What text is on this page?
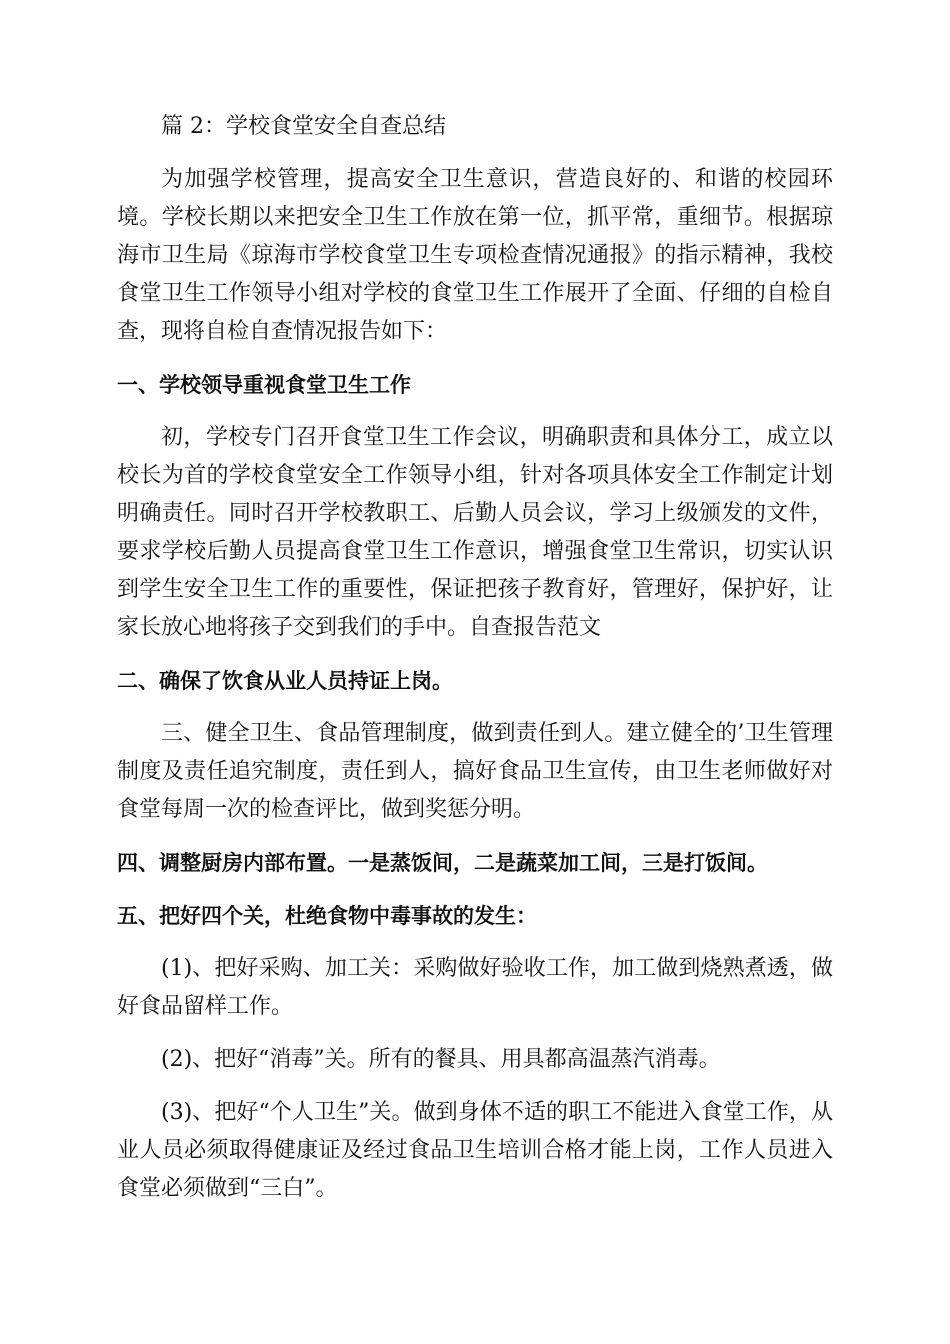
篇 2：学校食堂安全自查总结

为加强学校管理，提高安全卫生意识，营造良好的、和谐的校园环境。学校长期以来把安全卫生工作放在第一位，抓平常，重细节。根据琼海市卫生局《琼海市学校食堂卫生专项检查情况通报》的指示精神，我校食堂卫生工作领导小组对学校的食堂卫生工作展开了全面、仔细的自检自查，现将自检自查情况报告如下：

一、学校领导重视食堂卫生工作

初，学校专门召开食堂卫生工作会议，明确职责和具体分工，成立以校长为首的学校食堂安全工作领导小组，针对各项具体安全工作制定计划明确责任。同时召开学校教职工、后勤人员会议，学习上级颁发的文件，要求学校后勤人员提高食堂卫生工作意识，增强食堂卫生常识，切实认识到学生安全卫生工作的重要性，保证把孩子教育好，管理好，保护好，让家长放心地将孩子交到我们的手中。自查报告范文

二、确保了饮食从业人员持证上岗。

三、健全卫生、食品管理制度，做到责任到人。建立健全的’卫生管理制度及责任追究制度，责任到人，搞好食品卫生宣传，由卫生老师做好对食堂每周一次的检查评比，做到奖惩分明。

四、调整厨房内部布置。一是蒸饭间，二是蔬菜加工间，三是打饭间。

五、把好四个关，杜绝食物中毒事故的发生：

(1)、把好采购、加工关：采购做好验收工作，加工做到烧熟煮透，做好食品留样工作。

(2)、把好“消毒”关。所有的餐具、用具都高温蒸汽消毒。

(3)、把好“个人卫生”关。做到身体不适的职工不能进入食堂工作，从业人员必须取得健康证及经过食品卫生培训合格才能上岗，工作人员进入食堂必须做到“三白”。
